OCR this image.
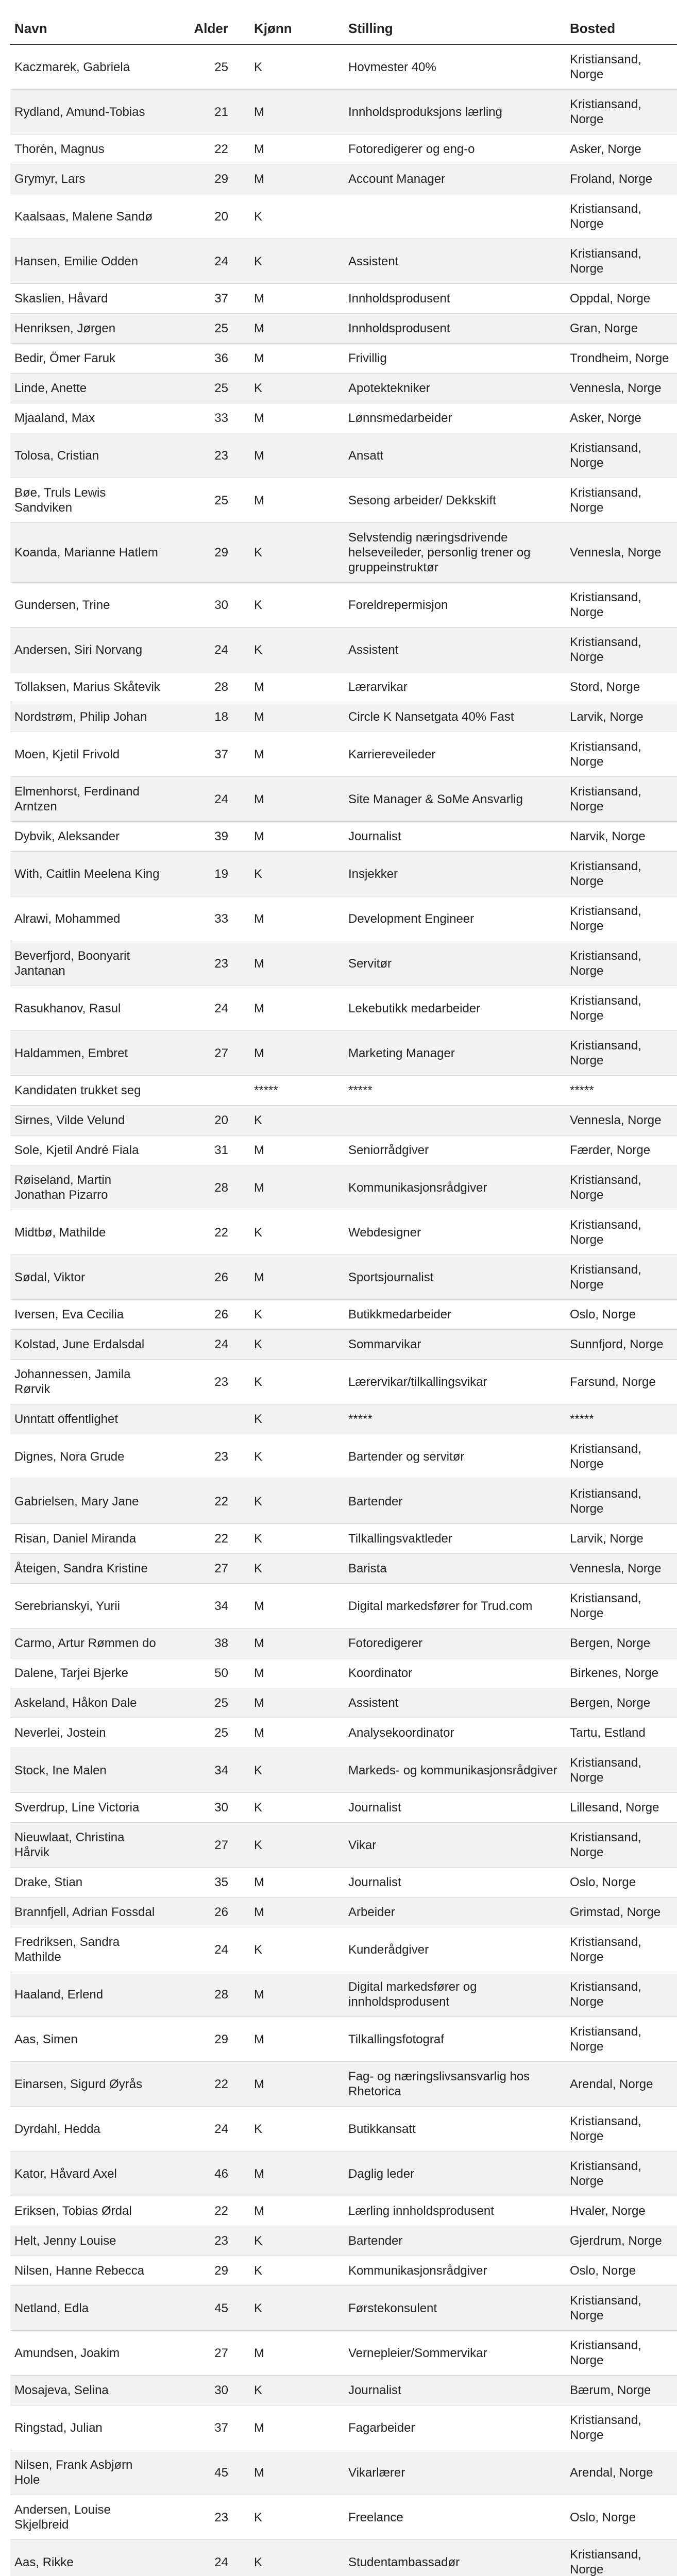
Navn	Alder	Kjønn	Stilling	Bosted
Kaczmarek, Gabriela	25	K	Hovmester 40%	Kristiansand, Norge
Rydland, Amund-Tobias	21	M	Innholdsproduksjons lærling	Kristiansand, Norge
Thorén, Magnus	22	M	Fotoredigerer og eng-o	Asker, Norge
Grymyr, Lars	29	M	Account Manager	Froland, Norge
Kaalsaas, Malene Sandø	20	K		Kristiansand, Norge
Hansen, Emilie Odden	24	K	Assistent	Kristiansand, Norge
Skaslien, Håvard	37	M	Innholdsprodusent	Oppdal, Norge
Henriksen, Jørgen	25	M	Innholdsprodusent	Gran, Norge
Bedir, Ömer Faruk	36	M	Frivillig	Trondheim, Norge
Linde, Anette	25	K	Apotektekniker	Vennesla, Norge
Mjaaland, Max	33	M	Lønnsmedarbeider	Asker, Norge
Tolosa, Cristian	23	M	Ansatt	Kristiansand, Norge
Bøe, Truls Lewis Sandviken	25	M	Sesong arbeider/ Dekkskift	Kristiansand, Norge
Koanda, Marianne Hatlem	29	K	Selvstendig næringsdrivende helseveileder, personlig trener og gruppeinstruktør	Vennesla, Norge
Gundersen, Trine	30	K	Foreldrepermisjon	Kristiansand, Norge
Andersen, Siri Norvang	24	K	Assistent	Kristiansand, Norge
Tollaksen, Marius Skåtevik	28	M	Lærarvikar	Stord, Norge
Nordstrøm, Philip Johan	18	M	Circle K Nansetgata 40% Fast	Larvik, Norge
Moen, Kjetil Frivold	37	M	Karriereveileder	Kristiansand, Norge
Elmenhorst, Ferdinand Arntzen	24	M	Site Manager & SoMe Ansvarlig	Kristiansand, Norge
Dybvik, Aleksander	39	M	Journalist	Narvik, Norge
With, Caitlin Meelena King	19	K	Insjekker	Kristiansand, Norge
Alrawi, Mohammed	33	M	Development Engineer	Kristiansand, Norge
Beverfjord, Boonyarit Jantanan	23	M	Servitør	Kristiansand, Norge
Rasukhanov, Rasul	24	M	Lekebutikk medarbeider	Kristiansand, Norge
Haldammen, Embret	27	M	Marketing Manager	Kristiansand, Norge
Kandidaten trukket seg		*****	*****	*****
Sirnes, Vilde Velund	20	K		Vennesla, Norge
Sole, Kjetil André Fiala	31	M	Seniorrådgiver	Færder, Norge
Røiseland, Martin Jonathan Pizarro	28	M	Kommunikasjonsrådgiver	Kristiansand, Norge
Midtbø, Mathilde	22	K	Webdesigner	Kristiansand, Norge
Sødal, Viktor	26	M	Sportsjournalist	Kristiansand, Norge
Iversen, Eva Cecilia	26	K	Butikkmedarbeider	Oslo, Norge
Kolstad, June Erdalsdal	24	K	Sommarvikar	Sunnfjord, Norge
Johannessen, Jamila Rørvik	23	K	Lærervikar/tilkallingsvikar	Farsund, Norge
Unntatt offentlighet		K	*****	*****
Dignes, Nora Grude	23	K	Bartender og servitør	Kristiansand, Norge
Gabrielsen, Mary Jane	22	K	Bartender	Kristiansand, Norge
Risan, Daniel Miranda	22	K	Tilkallingsvaktleder	Larvik, Norge
Åteigen, Sandra Kristine	27	K	Barista	Vennesla, Norge
Serebrianskyi, Yurii	34	M	Digital markedsfører for Trud.com	Kristiansand, Norge
Carmo, Artur Rømmen do	38	M	Fotoredigerer	Bergen, Norge
Dalene, Tarjei Bjerke	50	M	Koordinator	Birkenes, Norge
Askeland, Håkon Dale	25	M	Assistent	Bergen, Norge
Neverlei, Jostein	25	M	Analysekoordinator	Tartu, Estland
Stock, Ine Malen	34	K	Markeds- og kommunikasjonsrådgiver	Kristiansand, Norge
Sverdrup, Line Victoria	30	K	Journalist	Lillesand, Norge
Nieuwlaat, Christina Hårvik	27	K	Vikar	Kristiansand, Norge
Drake, Stian	35	M	Journalist	Oslo, Norge
Brannfjell, Adrian Fossdal	26	M	Arbeider	Grimstad, Norge
Fredriksen, Sandra Mathilde	24	K	Kunderådgiver	Kristiansand, Norge
Haaland, Erlend	28	M	Digital markedsfører og innholdsprodusent	Kristiansand, Norge
Aas, Simen	29	M	Tilkallingsfotograf	Kristiansand, Norge
Einarsen, Sigurd Øyrås	22	M	Fag- og næringslivsansvarlig hos Rhetorica	Arendal, Norge
Dyrdahl, Hedda	24	K	Butikkansatt	Kristiansand, Norge
Kator, Håvard Axel	46	M	Daglig leder	Kristiansand, Norge
Eriksen, Tobias Ørdal	22	M	Lærling innholdsprodusent	Hvaler, Norge
Helt, Jenny Louise	23	K	Bartender	Gjerdrum, Norge
Nilsen, Hanne Rebecca	29	K	Kommunikasjonsrådgiver	Oslo, Norge
Netland, Edla	45	K	Førstekonsulent	Kristiansand, Norge
Amundsen, Joakim	27	M	Vernepleier/Sommervikar	Kristiansand, Norge
Mosajeva, Selina	30	K	Journalist	Bærum, Norge
Ringstad, Julian	37	M	Fagarbeider	Kristiansand, Norge
Nilsen, Frank Asbjørn Hole	45	M	Vikarlærer	Arendal, Norge
Andersen, Louise Skjelbreid	23	K	Freelance	Oslo, Norge
Aas, Rikke	24	K	Studentambassadør	Kristiansand, Norge
